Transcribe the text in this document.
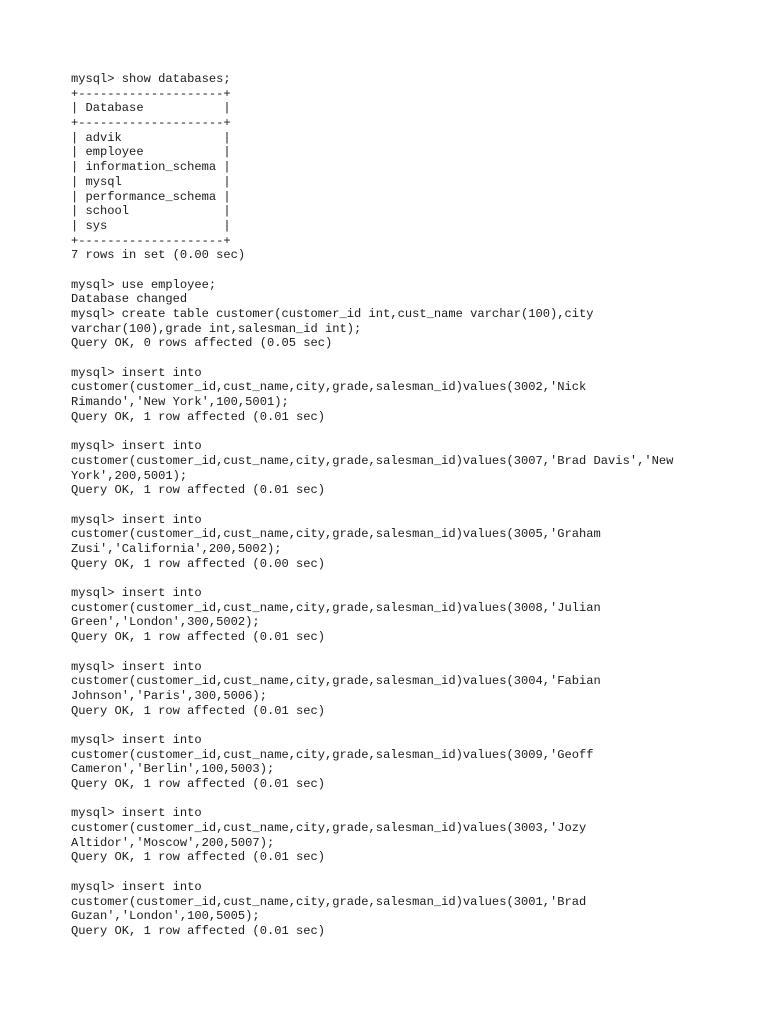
mysql> show databases;
+--------------------+
| Database           |
+--------------------+
| advik              |
| employee           |
| information_schema |
| mysql              |
| performance_schema |
| school             |
| sys                |
+--------------------+
7 rows in set (0.00 sec)
mysql> use employee;
Database changed
mysql> create table customer(customer_id int,cust_name varchar(100),city
varchar(100),grade int,salesman_id int);
Query OK, 0 rows affected (0.05 sec)
mysql> insert into
customer(customer_id,cust_name,city,grade,salesman_id)values(3002,'Nick
Rimando','New York',100,5001);
Query OK, 1 row affected (0.01 sec)
mysql> insert into
customer(customer_id,cust_name,city,grade,salesman_id)values(3007,'Brad Davis','New
York',200,5001);
Query OK, 1 row affected (0.01 sec)
mysql> insert into
customer(customer_id,cust_name,city,grade,salesman_id)values(3005,'Graham
Zusi','California',200,5002);
Query OK, 1 row affected (0.00 sec)
mysql> insert into
customer(customer_id,cust_name,city,grade,salesman_id)values(3008,'Julian
Green','London',300,5002);
Query OK, 1 row affected (0.01 sec)
mysql> insert into
customer(customer_id,cust_name,city,grade,salesman_id)values(3004,'Fabian
Johnson','Paris',300,5006);
Query OK, 1 row affected (0.01 sec)
mysql> insert into
customer(customer_id,cust_name,city,grade,salesman_id)values(3009,'Geoff
Cameron','Berlin',100,5003);
Query OK, 1 row affected (0.01 sec)
mysql> insert into
customer(customer_id,cust_name,city,grade,salesman_id)values(3003,'Jozy
Altidor','Moscow',200,5007);
Query OK, 1 row affected (0.01 sec)
mysql> insert into
customer(customer_id,cust_name,city,grade,salesman_id)values(3001,'Brad
Guzan','London',100,5005);
Query OK, 1 row affected (0.01 sec)
